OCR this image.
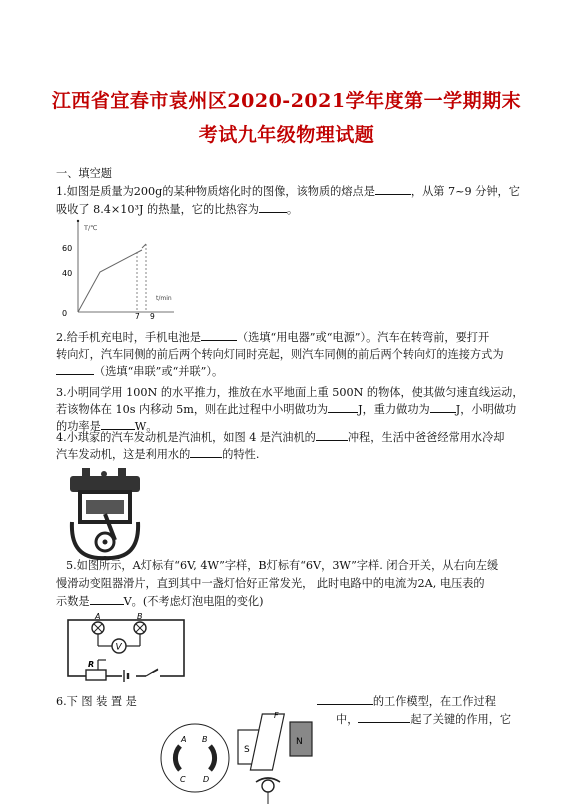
江西省宜春市袁州区2020-2021学年度第一学期期末
考试九年级物理试题
一、填空题
1.如图是质量为200g的某种物质熔化时的图像，该物质的熔点是	，从第 7~9 分钟，它
吸收了 8.4×10³J 的热量，它的比热容为	。
T/℃
60
40
0	7 9
t/min
2.给手机充电时，手机电池是	（选填“用电器”或“电源”）。汽车在转弯前，要打开
转向灯，汽车同侧的前后两个转向灯同时亮起，则汽车同侧的前后两个转向灯的连接方式为
（选填“串联”或“并联”）。
3.小明同学用 100N 的水平推力，推放在水平地面上重 500N 的物体，使其做匀速直线运动，
若该物体在 10s 内移动 5m，则在此过程中小明做功为	J，重力做功为 J，小明做功
的功率是	W。
4.小琪家的汽车发动机是汽油机，如图 4 是汽油机的	冲程，生活中爸爸经常用水冷却
汽车发动机，这是利用水的	的特性.
5.如图所示，A灯标有“6V, 4W”字样，B灯标有“6V，3W”字样. 闭合开关，从右向左缓
慢滑动变阻器滑片，直到其中一盏灯恰好正常发光， 此时电路中的电流为2A, 电压表的
示数是	V。(不考虑灯泡电阻的变化)
A	B
V
R
6.下 图 装 置 是	的工作模型，在工作过程
中，	起了关键的作用，它
A B
C D
S
N
F
